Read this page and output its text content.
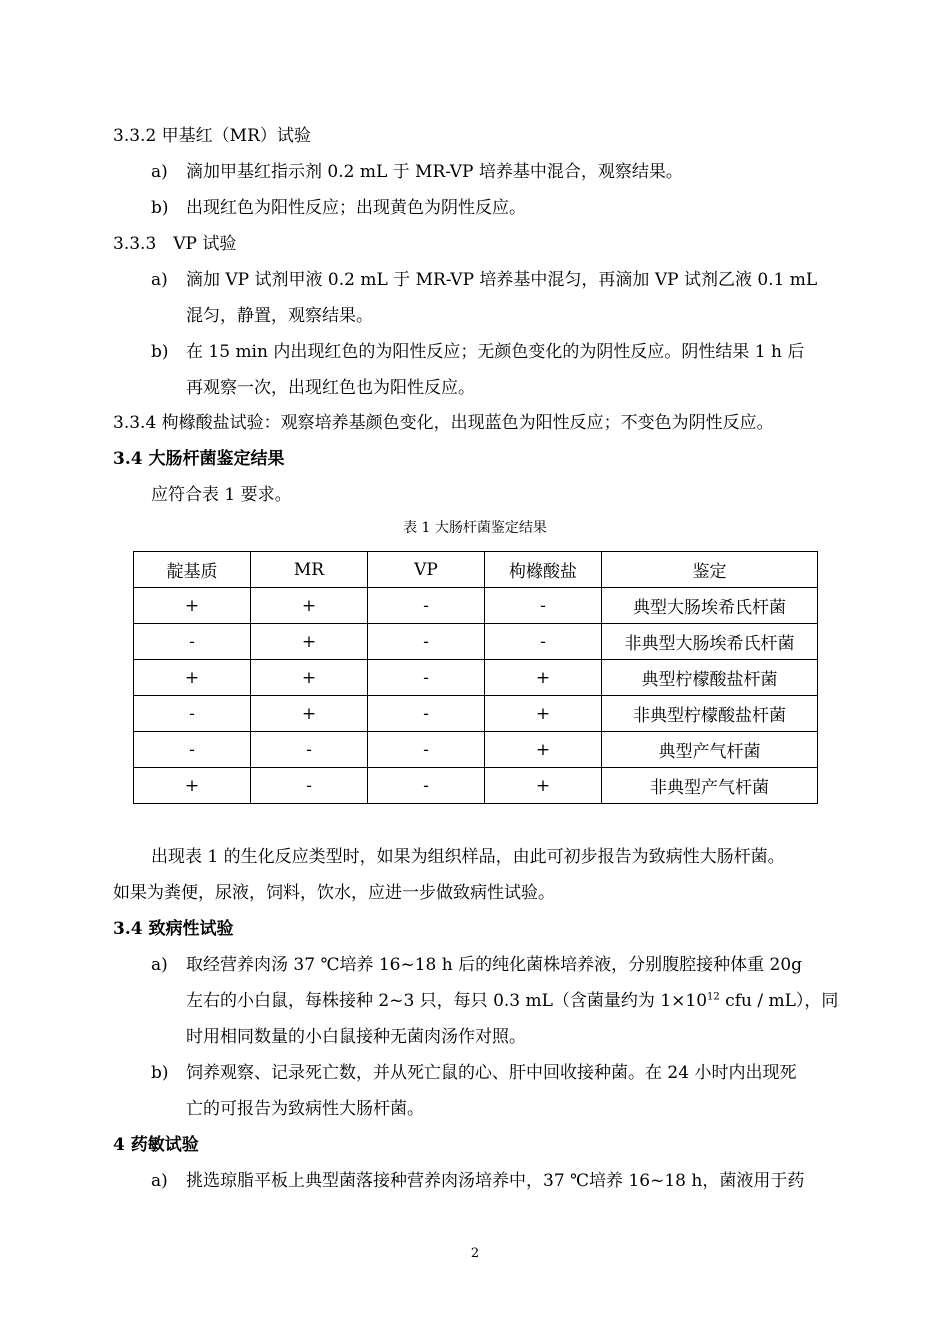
3.3.2 甲基红（MR）试验
a) 滴加甲基红指示剂 0.2 mL 于 MR-VP 培养基中混合，观察结果。
b) 出现红色为阳性反应；出现黄色为阴性反应。
3.3.3　VP 试验
a) 滴加 VP 试剂甲液 0.2 mL 于 MR-VP 培养基中混匀，再滴加 VP 试剂乙液 0.1 mL
混匀，静置，观察结果。
b) 在 15 min 内出现红色的为阳性反应；无颜色变化的为阴性反应。阴性结果 1 h 后
再观察一次，出现红色也为阳性反应。
3.3.4 枸橼酸盐试验：观察培养基颜色变化，出现蓝色为阳性反应；不变色为阴性反应。
3.4 大肠杆菌鉴定结果
应符合表 1 要求。
表 1 大肠杆菌鉴定结果
靛基质	MR	VP	枸橼酸盐	鉴定
+	+	-	-	典型大肠埃希氏杆菌
-	+	-	-	非典型大肠埃希氏杆菌
+	+	-	+	典型柠檬酸盐杆菌
-	+	-	+	非典型柠檬酸盐杆菌
-	-	-	+	典型产气杆菌
+	-	-	+	非典型产气杆菌
出现表 1 的生化反应类型时，如果为组织样品，由此可初步报告为致病性大肠杆菌。
如果为粪便，尿液，饲料，饮水，应进一步做致病性试验。
3.4 致病性试验
a) 取经营养肉汤 37 ℃培养 16~18 h 后的纯化菌株培养液，分别腹腔接种体重 20g
左右的小白鼠，每株接种 2~3 只，每只 0.3 mL（含菌量约为 $1\times 10^{12}$ cfu / mL），同
时用相同数量的小白鼠接种无菌肉汤作对照。
b) 饲养观察、记录死亡数，并从死亡鼠的心、肝中回收接种菌。在 24 小时内出现死
亡的可报告为致病性大肠杆菌。
4 药敏试验
a) 挑选琼脂平板上典型菌落接种营养肉汤培养中，37 ℃培养 16~18 h，菌液用于药
2
